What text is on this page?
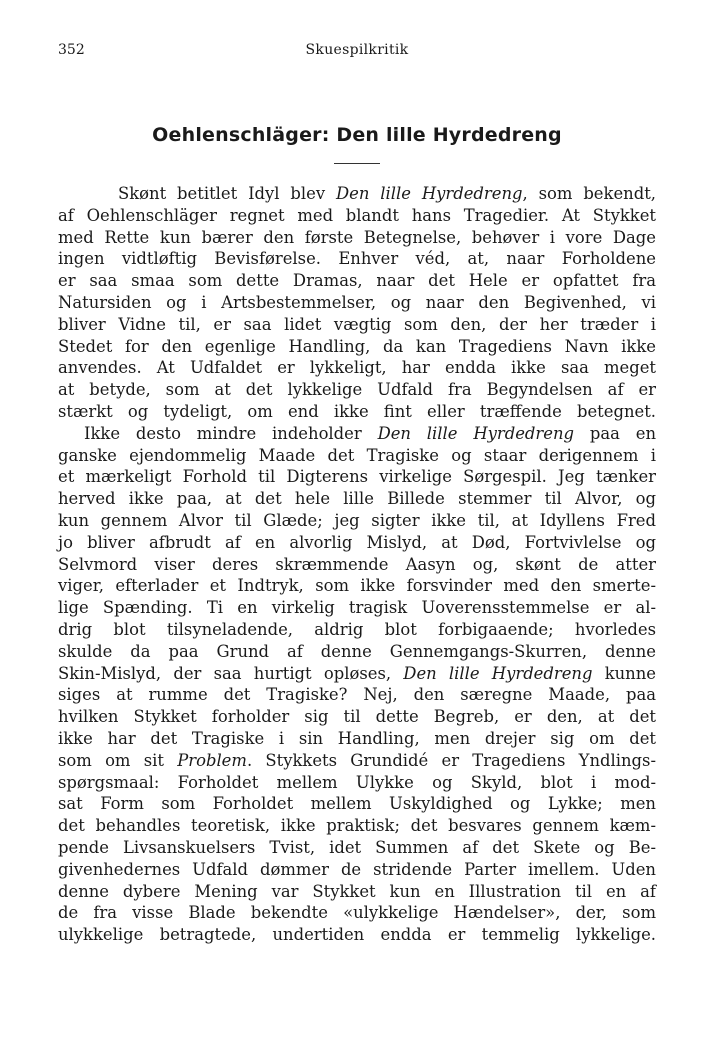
352	Skuespilkritik
Oehlenschläger: Den lille Hyrdedreng
Skønt betitlet Idyl blev Den lille Hyrdedreng, som bekendt,
af Oehlenschläger regnet med blandt hans Tragedier. At Stykket
med Rette kun bærer den første Betegnelse, behøver i vore Dage
ingen vidtløftig Bevisførelse. Enhver véd, at, naar Forholdene
er saa smaa som dette Dramas, naar det Hele er opfattet fra
Natursiden og i Artsbestemmelser, og naar den Begivenhed, vi
bliver Vidne til, er saa lidet vægtig som den, der her træder i
Stedet for den egenlige Handling, da kan Tragediens Navn ikke
anvendes. At Udfaldet er lykkeligt, har endda ikke saa meget
at betyde, som at det lykkelige Udfald fra Begyndelsen af er
stærkt og tydeligt, om end ikke fint eller træffende betegnet.
Ikke desto mindre indeholder Den lille Hyrdedreng paa en
ganske ejendommelig Maade det Tragiske og staar derigennem i
et mærkeligt Forhold til Digterens virkelige Sørgespil. Jeg tænker
herved ikke paa, at det hele lille Billede stemmer til Alvor, og
kun gennem Alvor til Glæde; jeg sigter ikke til, at Idyllens Fred
jo bliver afbrudt af en alvorlig Mislyd, at Død, Fortvivlelse og
Selvmord viser deres skræmmende Aasyn og, skønt de atter
viger, efterlader et Indtryk, som ikke forsvinder med den smerte-
lige Spænding. Ti en virkelig tragisk Uoverensstemmelse er al-
drig blot tilsyneladende, aldrig blot forbigaaende; hvorledes
skulde da paa Grund af denne Gennemgangs-Skurren, denne
Skin-Mislyd, der saa hurtigt opløses, Den lille Hyrdedreng kunne
siges at rumme det Tragiske? Nej, den særegne Maade, paa
hvilken Stykket forholder sig til dette Begreb, er den, at det
ikke har det Tragiske i sin Handling, men drejer sig om det
som om sit Problem. Stykkets Grundidé er Tragediens Yndlings-
spørgsmaal: Forholdet mellem Ulykke og Skyld, blot i mod-
sat Form som Forholdet mellem Uskyldighed og Lykke; men
det behandles teoretisk, ikke praktisk; det besvares gennem kæm-
pende Livsanskuelsers Tvist, idet Summen af det Skete og Be-
givenhedernes Udfald dømmer de stridende Parter imellem. Uden
denne dybere Mening var Stykket kun en Illustration til en af
de fra visse Blade bekendte «ulykkelige Hændelser», der, som
ulykkelige betragtede, undertiden endda er temmelig lykkelige.
